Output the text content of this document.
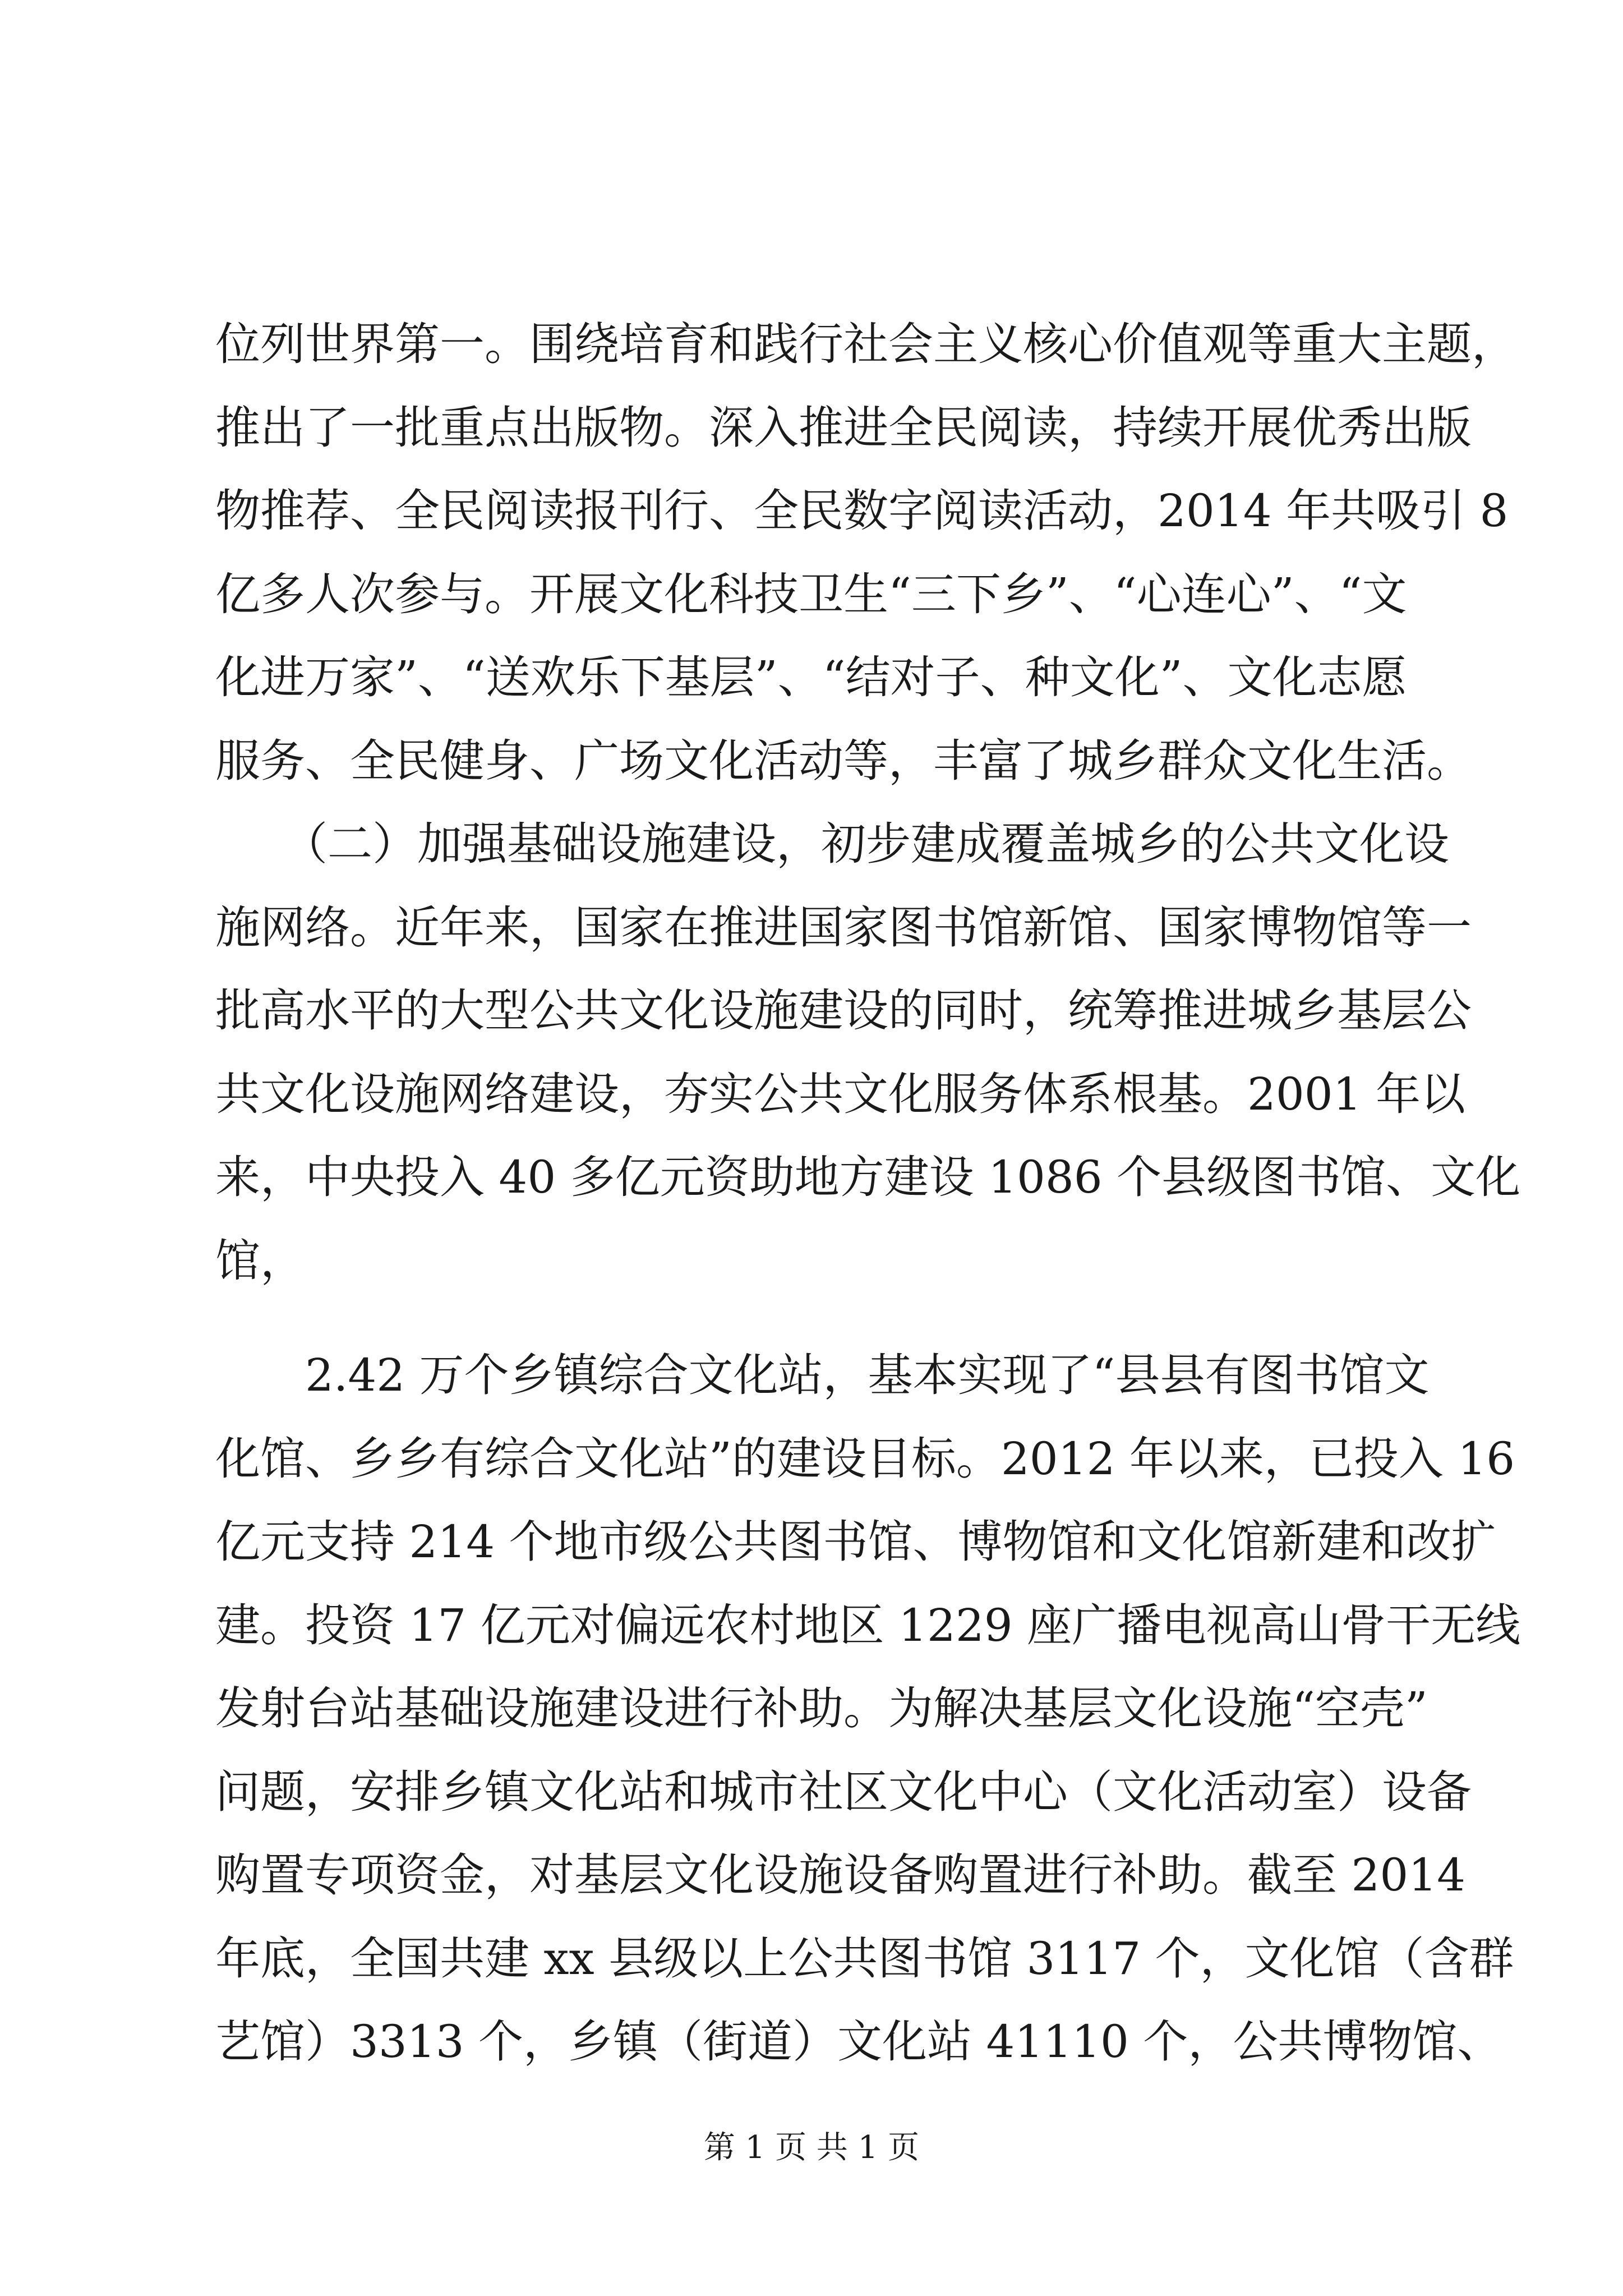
位列世界第一。围绕培育和践行社会主义核心价值观等重大主题，
推出了一批重点出版物。深入推进全民阅读，持续开展优秀出版
物推荐、全民阅读报刊行、全民数字阅读活动，2014 年共吸引 8
亿多人次参与。开展文化科技卫生“三下乡”、“心连心”、“文
化进万家”、“送欢乐下基层”、“结对子、种文化”、文化志愿
服务、全民健身、广场文化活动等，丰富了城乡群众文化生活。
　　（二）加强基础设施建设，初步建成覆盖城乡的公共文化设
施网络。近年来，国家在推进国家图书馆新馆、国家博物馆等一
批高水平的大型公共文化设施建设的同时，统筹推进城乡基层公
共文化设施网络建设，夯实公共文化服务体系根基。2001 年以
来，中央投入 40 多亿元资助地方建设 1086 个县级图书馆、文化
馆，
　　2.42 万个乡镇综合文化站，基本实现了“县县有图书馆文
化馆、乡乡有综合文化站”的建设目标。2012 年以来，已投入 16
亿元支持 214 个地市级公共图书馆、博物馆和文化馆新建和改扩
建。投资 17 亿元对偏远农村地区 1229 座广播电视高山骨干无线
发射台站基础设施建设进行补助。为解决基层文化设施“空壳”
问题，安排乡镇文化站和城市社区文化中心（文化活动室）设备
购置专项资金，对基层文化设施设备购置进行补助。截至 2014
年底，全国共建 xx 县级以上公共图书馆 3117 个，文化馆（含群
艺馆）3313 个，乡镇（街道）文化站 41110 个，公共博物馆、
第 1 页 共 1 页
